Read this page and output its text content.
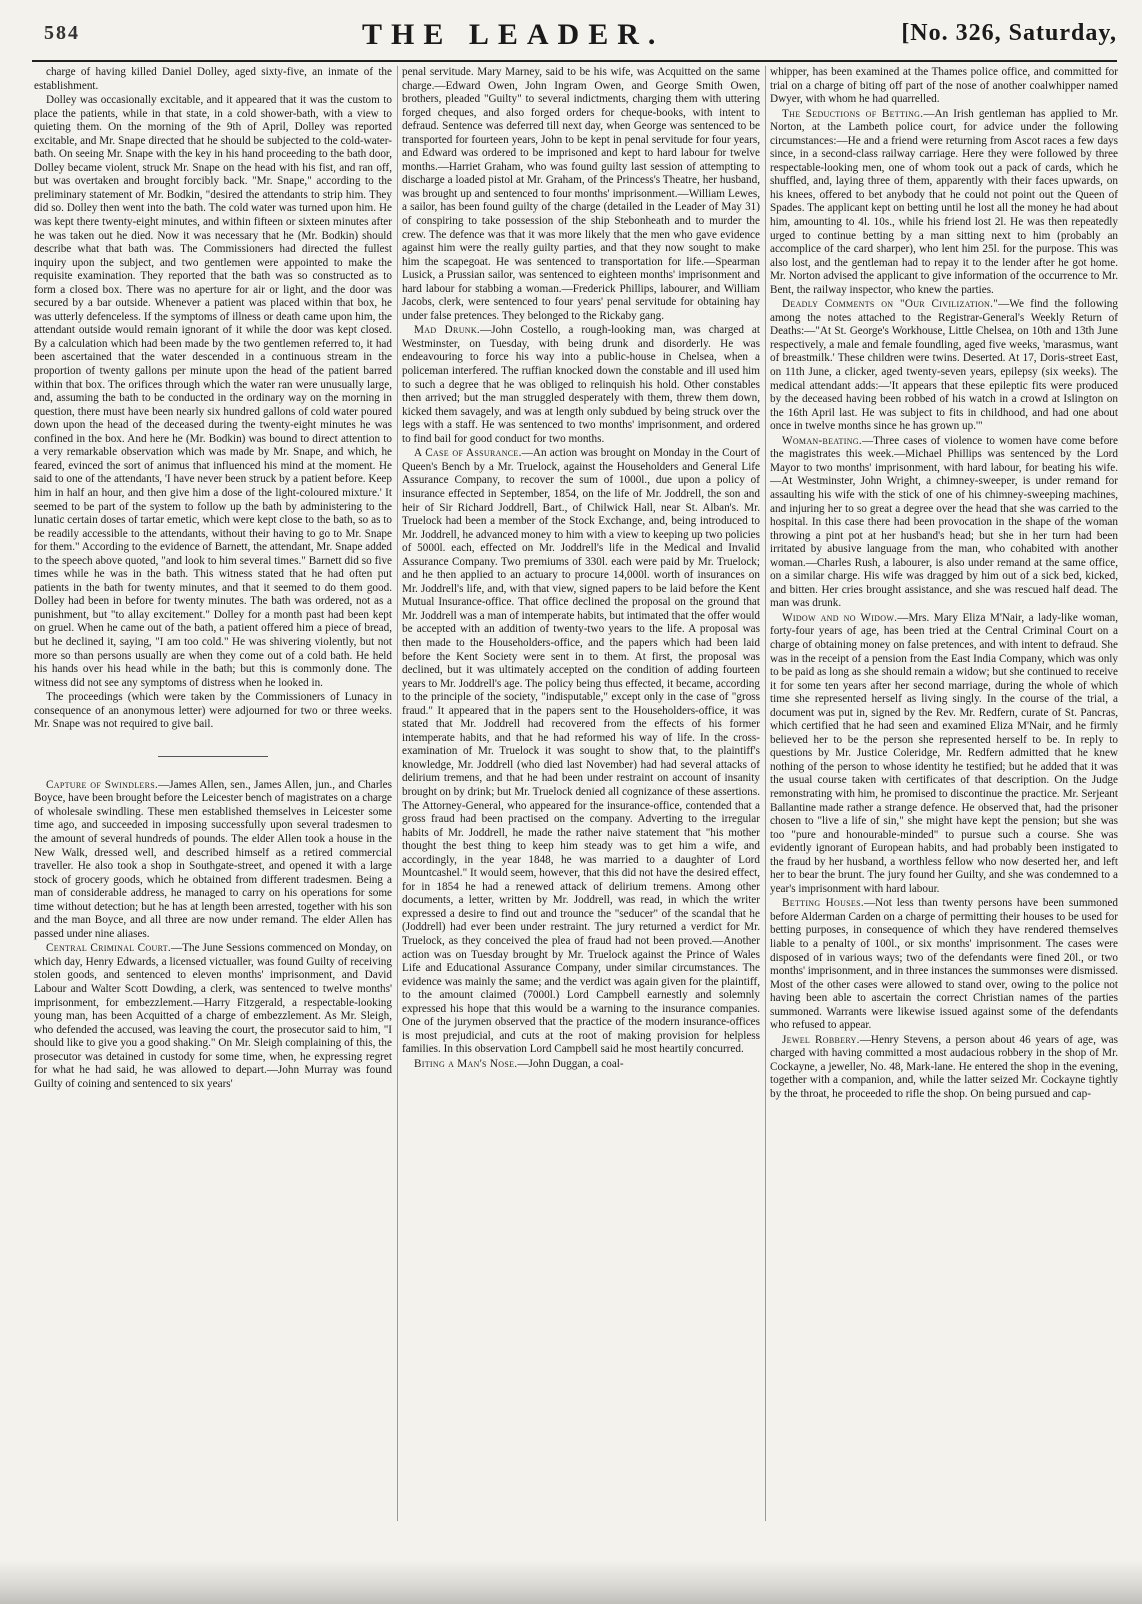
584	THE LEADER.	[No. 326, Saturday,

charge of having killed Daniel Dolley, aged sixty-five, an inmate of the establishment.

Dolley was occasionally excitable, and it appeared that it was the custom to place the patients, while in that state, in a cold shower-bath, with a view to quieting them. On the morning of the 9th of April, Dolley was reported excitable, and Mr. Snape directed that he should be subjected to the cold-water-bath. On seeing Mr. Snape with the key in his hand proceeding to the bath door, Dolley became violent, struck Mr. Snape on the head with his fist, and ran off, but was overtaken and brought forcibly back. "Mr. Snape," according to the preliminary statement of Mr. Bodkin, "desired the attendants to strip him. They did so. Dolley then went into the bath. The cold water was turned upon him. He was kept there twenty-eight minutes, and within fifteen or sixteen minutes after he was taken out he died. Now it was necessary that he (Mr. Bodkin) should describe what that bath was. The Commissioners had directed the fullest inquiry upon the subject, and two gentlemen were appointed to make the requisite examination. They reported that the bath was so constructed as to form a closed box. There was no aperture for air or light, and the door was secured by a bar outside. Whenever a patient was placed within that box, he was utterly defenceless. If the symptoms of illness or death came upon him, the attendant outside would remain ignorant of it while the door was kept closed. By a calculation which had been made by the two gentlemen referred to, it had been ascertained that the water descended in a continuous stream in the proportion of twenty gallons per minute upon the head of the patient barred within that box. The orifices through which the water ran were unusually large, and, assuming the bath to be conducted in the ordinary way on the morning in question, there must have been nearly six hundred gallons of cold water poured down upon the head of the deceased during the twenty-eight minutes he was confined in the box. And here he (Mr. Bodkin) was bound to direct attention to a very remarkable observation which was made by Mr. Snape, and which, he feared, evinced the sort of animus that influenced his mind at the moment. He said to one of the attendants, 'I have never been struck by a patient before. Keep him in half an hour, and then give him a dose of the light-coloured mixture.' It seemed to be part of the system to follow up the bath by administering to the lunatic certain doses of tartar emetic, which were kept close to the bath, so as to be readily accessible to the attendants, without their having to go to Mr. Snape for them." According to the evidence of Barnett, the attendant, Mr. Snape added to the speech above quoted, "and look to him several times." Barnett did so five times while he was in the bath. This witness stated that he had often put patients in the bath for twenty minutes, and that it seemed to do them good. Dolley had been in before for twenty minutes. The bath was ordered, not as a punishment, but "to allay excitement." Dolley for a month past had been kept on gruel. When he came out of the bath, a patient offered him a piece of bread, but he declined it, saying, "I am too cold." He was shivering violently, but not more so than persons usually are when they come out of a cold bath. He held his hands over his head while in the bath; but this is commonly done. The witness did not see any symptoms of distress when he looked in.

The proceedings (which were taken by the Commissioners of Lunacy in consequence of an anonymous letter) were adjourned for two or three weeks. Mr. Snape was not required to give bail.

Capture of Swindlers.—James Allen, sen., James Allen, jun., and Charles Boyce, have been brought before the Leicester bench of magistrates on a charge of wholesale swindling. These men established themselves in Leicester some time ago, and succeeded in imposing successfully upon several tradesmen to the amount of several hundreds of pounds. The elder Allen took a house in the New Walk, dressed well, and described himself as a retired commercial traveller. He also took a shop in Southgate-street, and opened it with a large stock of grocery goods, which he obtained from different tradesmen. Being a man of considerable address, he managed to carry on his operations for some time without detection; but he has at length been arrested, together with his son and the man Boyce, and all three are now under remand. The elder Allen has passed under nine aliases.

Central Criminal Court.—The June Sessions commenced on Monday, on which day, Henry Edwards, a licensed victualler, was found Guilty of receiving stolen goods, and sentenced to eleven months' imprisonment, and David Labour and Walter Scott Dowding, a clerk, was sentenced to twelve months' imprisonment, for embezzlement.—Harry Fitzgerald, a respectable-looking young man, has been Acquitted of a charge of embezzlement. As Mr. Sleigh, who defended the accused, was leaving the court, the prosecutor said to him, "I should like to give you a good shaking." On Mr. Sleigh complaining of this, the prosecutor was detained in custody for some time, when, he expressing regret for what he had said, he was allowed to depart.—John Murray was found Guilty of coining and sentenced to six years'

penal servitude. Mary Marney, said to be his wife, was Acquitted on the same charge.—Edward Owen, John Ingram Owen, and George Smith Owen, brothers, pleaded "Guilty" to several indictments, charging them with uttering forged cheques, and also forged orders for cheque-books, with intent to defraud. Sentence was deferred till next day, when George was sentenced to be transported for fourteen years, John to be kept in penal servitude for four years, and Edward was ordered to be imprisoned and kept to hard labour for twelve months.—Harriet Graham, who was found guilty last session of attempting to discharge a loaded pistol at Mr. Graham, of the Princess's Theatre, her husband, was brought up and sentenced to four months' imprisonment.—William Lewes, a sailor, has been found guilty of the charge (detailed in the Leader of May 31) of conspiring to take possession of the ship Stebonheath and to murder the crew. The defence was that it was more likely that the men who gave evidence against him were the really guilty parties, and that they now sought to make him the scapegoat. He was sentenced to transportation for life.—Spearman Lusick, a Prussian sailor, was sentenced to eighteen months' imprisonment and hard labour for stabbing a woman.—Frederick Phillips, labourer, and William Jacobs, clerk, were sentenced to four years' penal servitude for obtaining hay under false pretences. They belonged to the Rickaby gang.

Mad Drunk.—John Costello, a rough-looking man, was charged at Westminster, on Tuesday, with being drunk and disorderly. He was endeavouring to force his way into a public-house in Chelsea, when a policeman interfered. The ruffian knocked down the constable and ill used him to such a degree that he was obliged to relinquish his hold. Other constables then arrived; but the man struggled desperately with them, threw them down, kicked them savagely, and was at length only subdued by being struck over the legs with a staff. He was sentenced to two months' imprisonment, and ordered to find bail for good conduct for two months.

A Case of Assurance.—An action was brought on Monday in the Court of Queen's Bench by a Mr. Truelock, against the Householders and General Life Assurance Company, to recover the sum of 1000l., due upon a policy of insurance effected in September, 1854, on the life of Mr. Joddrell, the son and heir of Sir Richard Joddrell, Bart., of Chilwick Hall, near St. Alban's. Mr. Truelock had been a member of the Stock Exchange, and, being introduced to Mr. Joddrell, he advanced money to him with a view to keeping up two policies of 5000l. each, effected on Mr. Joddrell's life in the Medical and Invalid Assurance Company. Two premiums of 330l. each were paid by Mr. Truelock; and he then applied to an actuary to procure 14,000l. worth of insurances on Mr. Joddrell's life, and, with that view, signed papers to be laid before the Kent Mutual Insurance-office. That office declined the proposal on the ground that Mr. Joddrell was a man of intemperate habits, but intimated that the offer would be accepted with an addition of twenty-two years to the life. A proposal was then made to the Householders-office, and the papers which had been laid before the Kent Society were sent in to them. At first, the proposal was declined, but it was ultimately accepted on the condition of adding fourteen years to Mr. Joddrell's age. The policy being thus effected, it became, according to the principle of the society, "indisputable," except only in the case of "gross fraud." It appeared that in the papers sent to the Householders-office, it was stated that Mr. Joddrell had recovered from the effects of his former intemperate habits, and that he had reformed his way of life. In the cross-examination of Mr. Truelock it was sought to show that, to the plaintiff's knowledge, Mr. Joddrell (who died last November) had had several attacks of delirium tremens, and that he had been under restraint on account of insanity brought on by drink; but Mr. Truelock denied all cognizance of these assertions. The Attorney-General, who appeared for the insurance-office, contended that a gross fraud had been practised on the company. Adverting to the irregular habits of Mr. Joddrell, he made the rather naive statement that "his mother thought the best thing to keep him steady was to get him a wife, and accordingly, in the year 1848, he was married to a daughter of Lord Mountcashel." It would seem, however, that this did not have the desired effect, for in 1854 he had a renewed attack of delirium tremens. Among other documents, a letter, written by Mr. Joddrell, was read, in which the writer expressed a desire to find out and trounce the "seducer" of the scandal that he (Joddrell) had ever been under restraint. The jury returned a verdict for Mr. Truelock, as they conceived the plea of fraud had not been proved.—Another action was on Tuesday brought by Mr. Truelock against the Prince of Wales Life and Educational Assurance Company, under similar circumstances. The evidence was mainly the same; and the verdict was again given for the plaintiff, to the amount claimed (7000l.) Lord Campbell earnestly and solemnly expressed his hope that this would be a warning to the insurance companies. One of the jurymen observed that the practice of the modern insurance-offices is most prejudicial, and cuts at the root of making provision for helpless families. In this observation Lord Campbell said he most heartily concurred.

Biting a Man's Nose.—John Duggan, a coal-

whipper, has been examined at the Thames police office, and committed for trial on a charge of biting off part of the nose of another coalwhipper named Dwyer, with whom he had quarrelled.

The Seductions of Betting.—An Irish gentleman has applied to Mr. Norton, at the Lambeth police court, for advice under the following circumstances:—He and a friend were returning from Ascot races a few days since, in a second-class railway carriage. Here they were followed by three respectable-looking men, one of whom took out a pack of cards, which he shuffled, and, laying three of them, apparently with their faces upwards, on his knees, offered to bet anybody that he could not point out the Queen of Spades. The applicant kept on betting until he lost all the money he had about him, amounting to 4l. 10s., while his friend lost 2l. He was then repeatedly urged to continue betting by a man sitting next to him (probably an accomplice of the card sharper), who lent him 25l. for the purpose. This was also lost, and the gentleman had to repay it to the lender after he got home. Mr. Norton advised the applicant to give information of the occurrence to Mr. Bent, the railway inspector, who knew the parties.

Deadly Comments on "Our Civilization."—We find the following among the notes attached to the Registrar-General's Weekly Return of Deaths:—"At St. George's Workhouse, Little Chelsea, on 10th and 13th June respectively, a male and female foundling, aged five weeks, 'marasmus, want of breastmilk.' These children were twins. Deserted. At 17, Doris-street East, on 11th June, a clicker, aged twenty-seven years, epilepsy (six weeks). The medical attendant adds:—'It appears that these epileptic fits were produced by the deceased having been robbed of his watch in a crowd at Islington on the 16th April last. He was subject to fits in childhood, and had one about once in twelve months since he has grown up.'"

Woman-beating.—Three cases of violence to women have come before the magistrates this week.—Michael Phillips was sentenced by the Lord Mayor to two months' imprisonment, with hard labour, for beating his wife.—At Westminster, John Wright, a chimney-sweeper, is under remand for assaulting his wife with the stick of one of his chimney-sweeping machines, and injuring her to so great a degree over the head that she was carried to the hospital. In this case there had been provocation in the shape of the woman throwing a pint pot at her husband's head; but she in her turn had been irritated by abusive language from the man, who cohabited with another woman.—Charles Rush, a labourer, is also under remand at the same office, on a similar charge. His wife was dragged by him out of a sick bed, kicked, and bitten. Her cries brought assistance, and she was rescued half dead. The man was drunk.

Widow and no Widow.—Mrs. Mary Eliza M'Nair, a lady-like woman, forty-four years of age, has been tried at the Central Criminal Court on a charge of obtaining money on false pretences, and with intent to defraud. She was in the receipt of a pension from the East India Company, which was only to be paid as long as she should remain a widow; but she continued to receive it for some ten years after her second marriage, during the whole of which time she represented herself as living singly. In the course of the trial, a document was put in, signed by the Rev. Mr. Redfern, curate of St. Pancras, which certified that he had seen and examined Eliza M'Nair, and he firmly believed her to be the person she represented herself to be. In reply to questions by Mr. Justice Coleridge, Mr. Redfern admitted that he knew nothing of the person to whose identity he testified; but he added that it was the usual course taken with certificates of that description. On the Judge remonstrating with him, he promised to discontinue the practice. Mr. Serjeant Ballantine made rather a strange defence. He observed that, had the prisoner chosen to "live a life of sin," she might have kept the pension; but she was too "pure and honourable-minded" to pursue such a course. She was evidently ignorant of European habits, and had probably been instigated to the fraud by her husband, a worthless fellow who now deserted her, and left her to bear the brunt. The jury found her Guilty, and she was condemned to a year's imprisonment with hard labour.

Betting Houses.—Not less than twenty persons have been summoned before Alderman Carden on a charge of permitting their houses to be used for betting purposes, in consequence of which they have rendered themselves liable to a penalty of 100l., or six months' imprisonment. The cases were disposed of in various ways; two of the defendants were fined 20l., or two months' imprisonment, and in three instances the summonses were dismissed. Most of the other cases were allowed to stand over, owing to the police not having been able to ascertain the correct Christian names of the parties summoned. Warrants were likewise issued against some of the defendants who refused to appear.

Jewel Robbery.—Henry Stevens, a person about 46 years of age, was charged with having committed a most audacious robbery in the shop of Mr. Cockayne, a jeweller, No. 48, Mark-lane. He entered the shop in the evening, together with a companion, and, while the latter seized Mr. Cockayne tightly by the throat, he proceeded to rifle the shop. On being pursued and cap-
